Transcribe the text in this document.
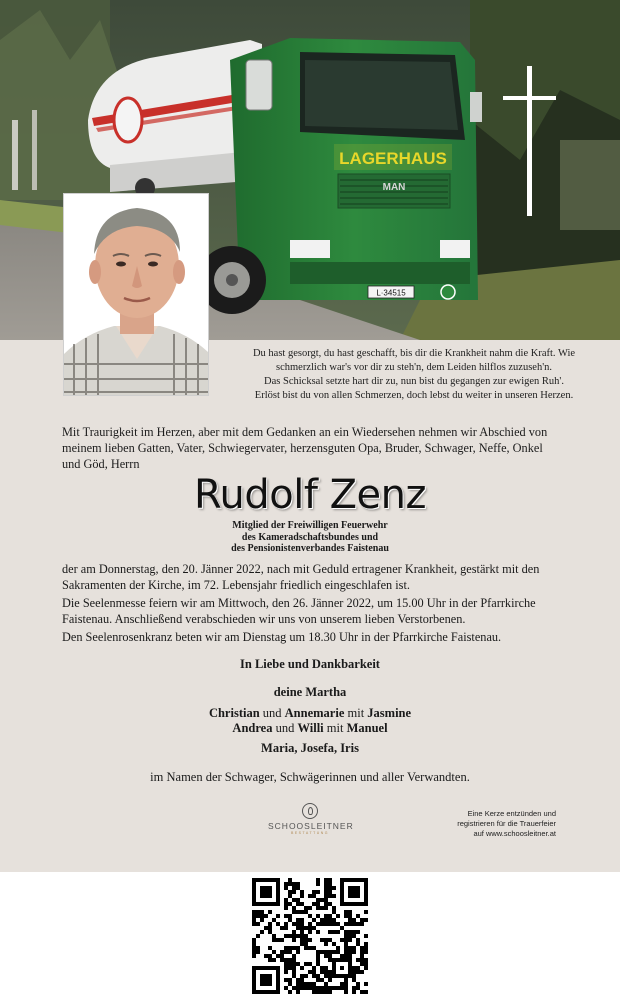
LAGERHAUS
MAN
L·34515
Du hast gesorgt, du hast geschafft, bis dir die Krankheit nahm die Kraft. Wie
schmerzlich war's vor dir zu steh'n, dem Leiden hilflos zuzuseh'n.
Das Schicksal setzte hart dir zu, nun bist du gegangen zur ewigen Ruh'.
Erlöst bist du von allen Schmerzen, doch lebst du weiter in unseren Herzen.
Mit Traurigkeit im Herzen, aber mit dem Gedanken an ein Wiedersehen nehmen wir Abschied von meinem lieben Gatten, Vater, Schwiegervater, herzensguten Opa, Bruder, Schwager, Neffe, Onkel und Göd, Herrn
Rudolf Zenz
Mitglied der Freiwilligen Feuerwehr
des Kameradschaftsbundes und
des Pensionistenverbandes Faistenau

der am Donnerstag, den 20. Jänner 2022, nach mit Geduld ertragener Krankheit, gestärkt mit den Sakramenten der Kirche, im 72. Lebensjahr friedlich eingeschlafen ist.

Die Seelenmesse feiern wir am Mittwoch, den 26. Jänner 2022, um 15.00 Uhr in der Pfarrkirche Faistenau. Anschließend verabschieden wir uns von unserem lieben Verstorbenen.

Den Seelenrosenkranz beten wir am Dienstag um 18.30 Uhr in der Pfarrkirche Faistenau.

In Liebe und Dankbarkeit
deine Martha
Christian und Annemarie mit Jasmine
Andrea und Willi mit Manuel
Maria, Josefa, Iris
im Namen der Schwager, Schwägerinnen und aller Verwandten.
SCHOOSLEITNER
BESTATTUNG
Eine Kerze entzünden und
registrieren für die Trauerfeier
auf www.schoosleitner.at
